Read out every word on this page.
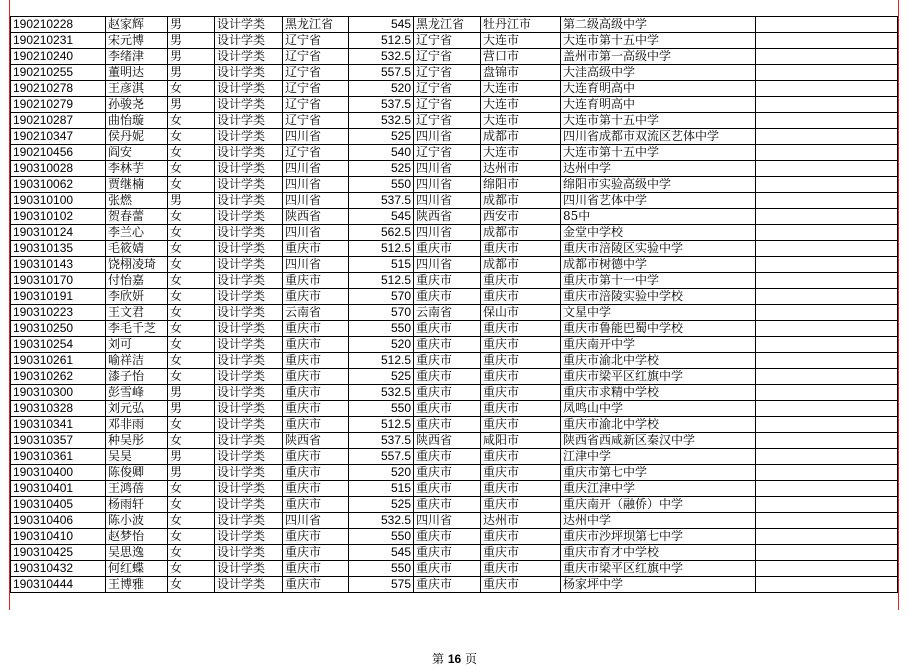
190210228	赵家辉	男	设计学类	黑龙江省	545	黑龙江省	牡丹江市	第二级高级中学	
190210231	宋元博	男	设计学类	辽宁省	512.5	辽宁省	大连市	大连市第十五中学	
190210240	李绪津	男	设计学类	辽宁省	532.5	辽宁省	营口市	盖州市第一高级中学	
190210255	董明达	男	设计学类	辽宁省	557.5	辽宁省	盘锦市	大洼高级中学	
190210278	王彦淇	女	设计学类	辽宁省	520	辽宁省	大连市	大连育明高中	
190210279	孙骏尧	男	设计学类	辽宁省	537.5	辽宁省	大连市	大连育明高中	
190210287	曲怡璇	女	设计学类	辽宁省	532.5	辽宁省	大连市	大连市第十五中学	
190210347	侯丹妮	女	设计学类	四川省	525	四川省	成都市	四川省成都市双流区艺体中学	
190210456	阎安	女	设计学类	辽宁省	540	辽宁省	大连市	大连市第十五中学	
190310028	李林芋	女	设计学类	四川省	525	四川省	达州市	达州中学	
190310062	贾继楠	女	设计学类	四川省	550	四川省	绵阳市	绵阳市实验高级中学	
190310100	张燃	男	设计学类	四川省	537.5	四川省	成都市	四川省艺体中学	
190310102	贺春蕾	女	设计学类	陕西省	545	陕西省	西安市	85中	
190310124	李兰心	女	设计学类	四川省	562.5	四川省	成都市	金堂中学校	
190310135	毛筱婧	女	设计学类	重庆市	512.5	重庆市	重庆市	重庆市涪陵区实验中学	
190310143	饶栩凌琦	女	设计学类	四川省	515	四川省	成都市	成都市树德中学	
190310170	付怡嘉	女	设计学类	重庆市	512.5	重庆市	重庆市	重庆市第十一中学	
190310191	李欣妍	女	设计学类	重庆市	570	重庆市	重庆市	重庆市涪陵实验中学校	
190310223	王文君	女	设计学类	云南省	570	云南省	保山市	文星中学	
190310250	李毛千芝	女	设计学类	重庆市	550	重庆市	重庆市	重庆市鲁能巴蜀中学校	
190310254	刘可	女	设计学类	重庆市	520	重庆市	重庆市	重庆南开中学	
190310261	喻祥洁	女	设计学类	重庆市	512.5	重庆市	重庆市	重庆市渝北中学校	
190310262	漆子怡	女	设计学类	重庆市	525	重庆市	重庆市	重庆市梁平区红旗中学	
190310300	彭雪峰	男	设计学类	重庆市	532.5	重庆市	重庆市	重庆市求精中学校	
190310328	刘元弘	男	设计学类	重庆市	550	重庆市	重庆市	凤鸣山中学	
190310341	邓非雨	女	设计学类	重庆市	512.5	重庆市	重庆市	重庆市渝北中学校	
190310357	种吴彤	女	设计学类	陕西省	537.5	陕西省	咸阳市	陕西省西咸新区秦汉中学	
190310361	吴昊	男	设计学类	重庆市	557.5	重庆市	重庆市	江津中学	
190310400	陈俊卿	男	设计学类	重庆市	520	重庆市	重庆市	重庆市第七中学	
190310401	王鸿蓓	女	设计学类	重庆市	515	重庆市	重庆市	重庆江津中学	
190310405	杨雨轩	女	设计学类	重庆市	525	重庆市	重庆市	重庆南开（融侨）中学	
190310406	陈小波	女	设计学类	四川省	532.5	四川省	达州市	达州中学	
190310410	赵梦怡	女	设计学类	重庆市	550	重庆市	重庆市	重庆市沙坪坝第七中学	
190310425	吴思逸	女	设计学类	重庆市	545	重庆市	重庆市	重庆市育才中学校	
190310432	何红蝶	女	设计学类	重庆市	550	重庆市	重庆市	重庆市梁平区红旗中学	
190310444	王博雅	女	设计学类	重庆市	575	重庆市	重庆市	杨家坪中学	
第 16 页
